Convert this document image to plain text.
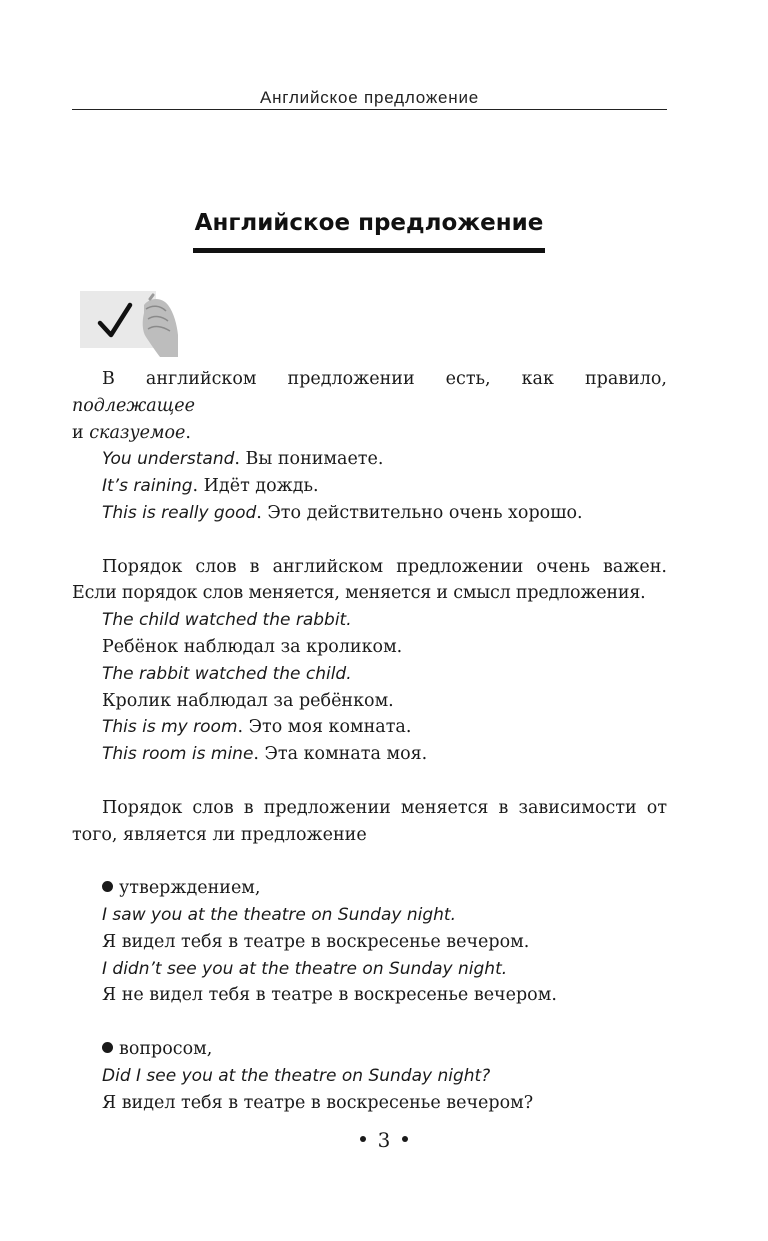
Английское предложение
Английское предложение

В английском предложении есть, как правило, подлежащее

и сказуемое.

You understand. Вы понимаете.

It’s raining. Идёт дождь.

This is really good. Это действительно очень хорошо.

Порядок слов в английском предложении очень важен.

Если порядок слов меняется, меняется и смысл предложения.

The child watched the rabbit.

Ребёнок наблюдал за кроликом.

The rabbit watched the child.

Кролик наблюдал за ребёнком.

This is my room. Это моя комната.

This room is mine. Эта комната моя.

Порядок слов в предложении меняется в зависимости от

того, является ли предложение

утверждением,

I saw you at the theatre on Sunday night.

Я видел тебя в театре в воскресенье вечером.

I didn’t see you at the theatre on Sunday night.

Я не видел тебя в театре в воскресенье вечером.

вопросом,

Did I see you at the theatre on Sunday night?

Я видел тебя в театре в воскресенье вечером?

3
